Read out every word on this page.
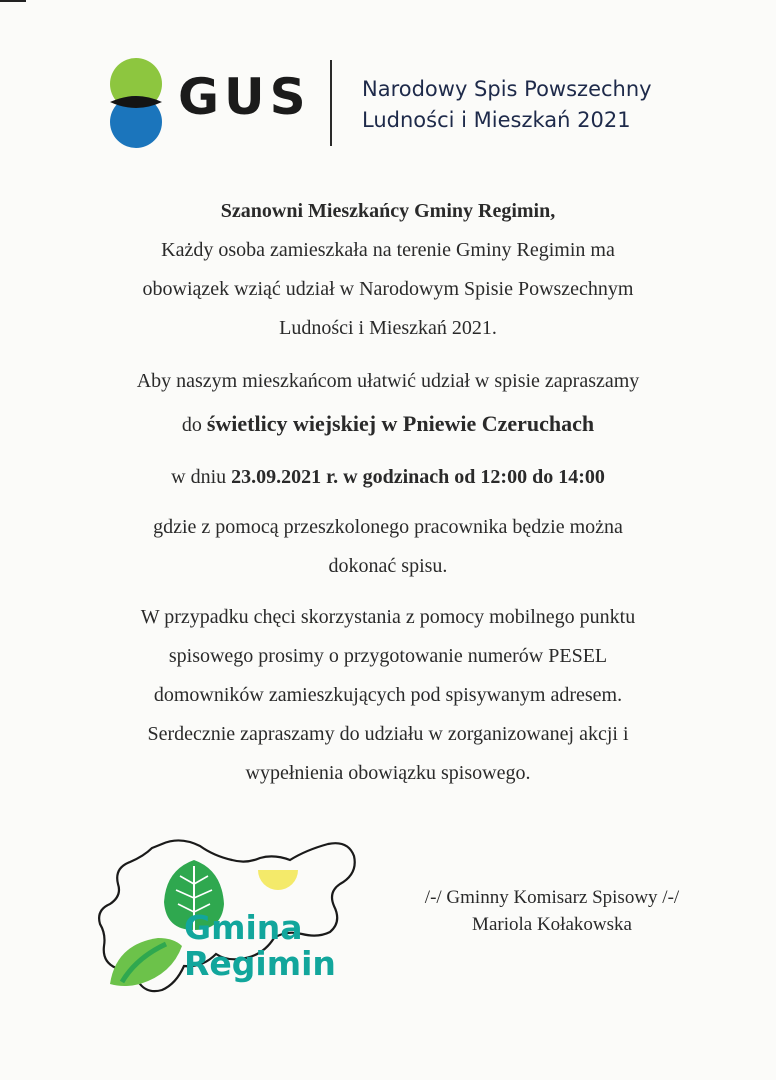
GUS Narodowy Spis Powszechny
Ludności i Mieszkań 2021

Szanowni Mieszkańcy Gminy Regimin,

Każdy osoba zamieszkała na terenie Gminy Regimin ma

obowiązek wziąć udział w Narodowym Spisie Powszechnym

Ludności i Mieszkań 2021.

Aby naszym mieszkańcom ułatwić udział w spisie zapraszamy

do świetlicy wiejskiej w Pniewie Czeruchach

w dniu 23.09.2021 r. w godzinach od 12:00 do 14:00

gdzie z pomocą przeszkolonego pracownika będzie można

dokonać spisu.

W przypadku chęci skorzystania z pomocy mobilnego punktu

spisowego prosimy o przygotowanie numerów PESEL

domowników zamieszkujących pod spisywanym adresem.

Serdecznie zapraszamy do udziału w zorganizowanej akcji i

wypełnienia obowiązku spisowego.

Gmina
Regimin
/-/ Gminny Komisarz Spisowy /-/
Mariola Kołakowska
